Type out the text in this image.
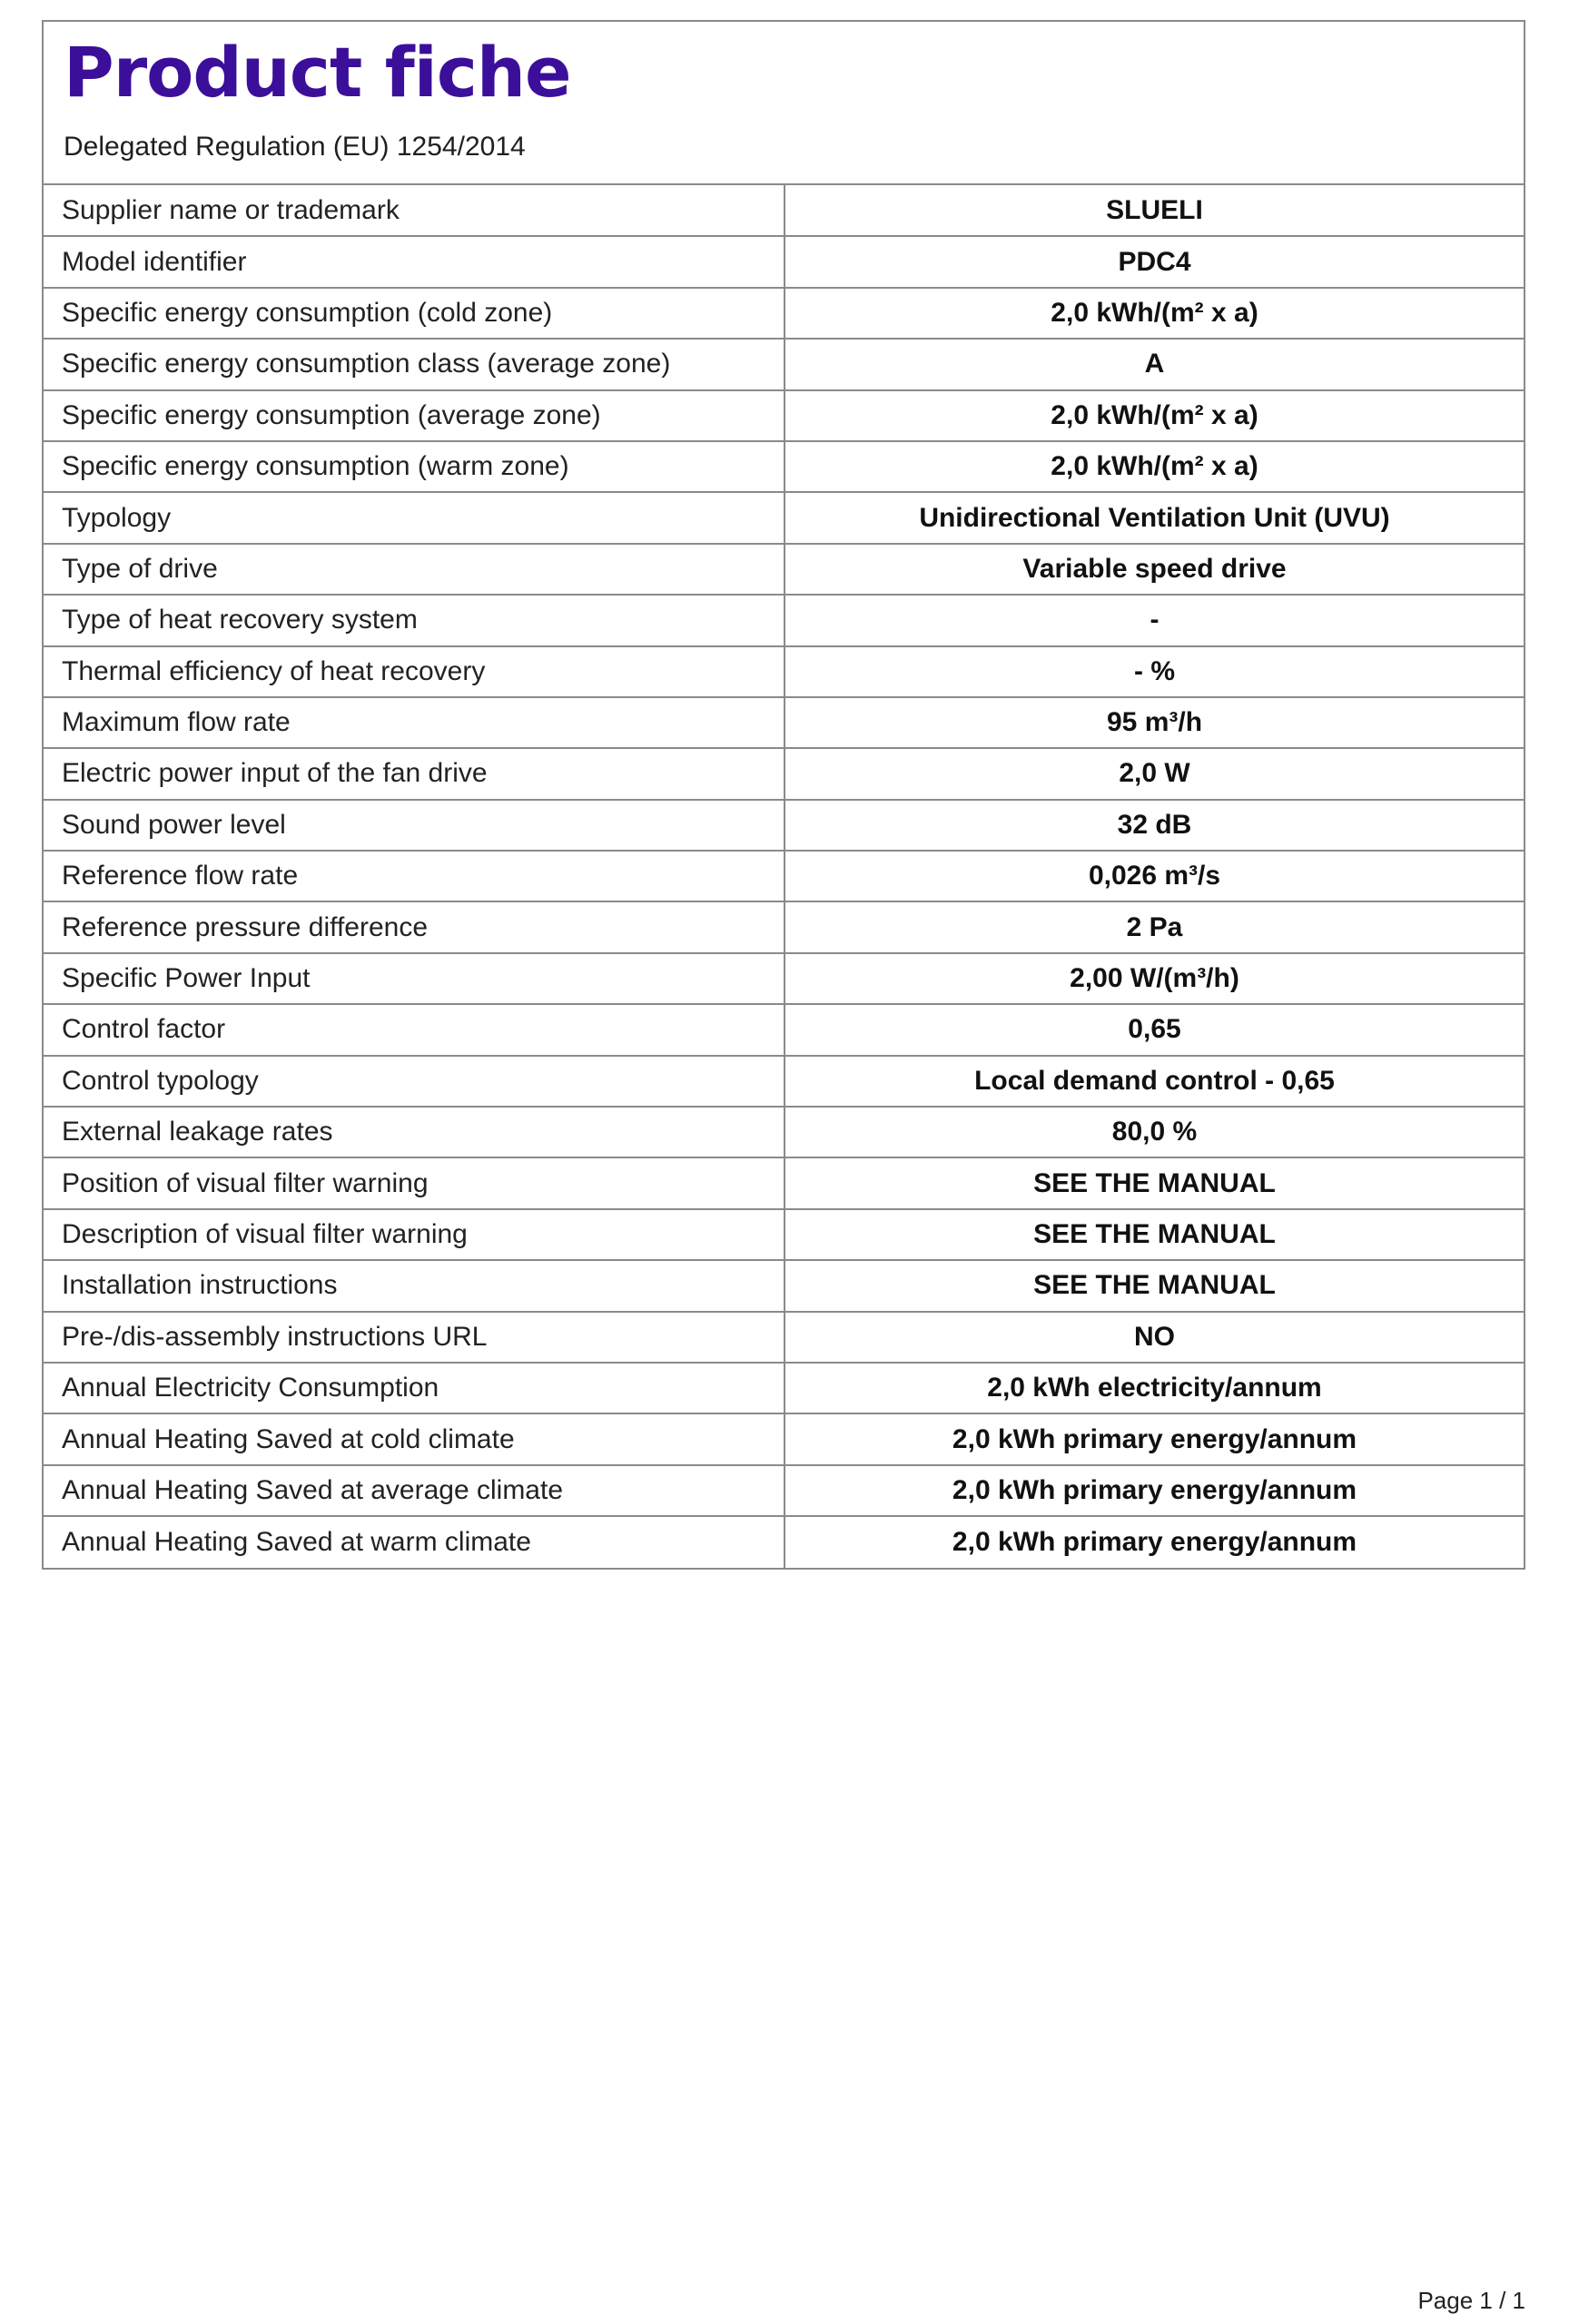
Product fiche
Delegated Regulation (EU) 1254/2014
Supplier name or trademark	SLUELI
Model identifier	PDC4
Specific energy consumption (cold zone)	2,0 kWh/(m² x a)
Specific energy consumption class (average zone)	A
Specific energy consumption (average zone)	2,0 kWh/(m² x a)
Specific energy consumption (warm zone)	2,0 kWh/(m² x a)
Typology	Unidirectional Ventilation Unit (UVU)
Type of drive	Variable speed drive
Type of heat recovery system	-
Thermal efficiency of heat recovery	- %
Maximum flow rate	95 m³/h
Electric power input of the fan drive	2,0 W
Sound power level	32 dB
Reference flow rate	0,026 m³/s
Reference pressure difference	2 Pa
Specific Power Input	2,00 W/(m³/h)
Control factor	0,65
Control typology	Local demand control - 0,65
External leakage rates	80,0 %
Position of visual filter warning	SEE THE MANUAL
Description of visual filter warning	SEE THE MANUAL
Installation instructions	SEE THE MANUAL
Pre-/dis-assembly instructions URL	NO
Annual Electricity Consumption	2,0 kWh electricity/annum
Annual Heating Saved at cold climate	2,0 kWh primary energy/annum
Annual Heating Saved at average climate	2,0 kWh primary energy/annum
Annual Heating Saved at warm climate	2,0 kWh primary energy/annum
Page 1 / 1
